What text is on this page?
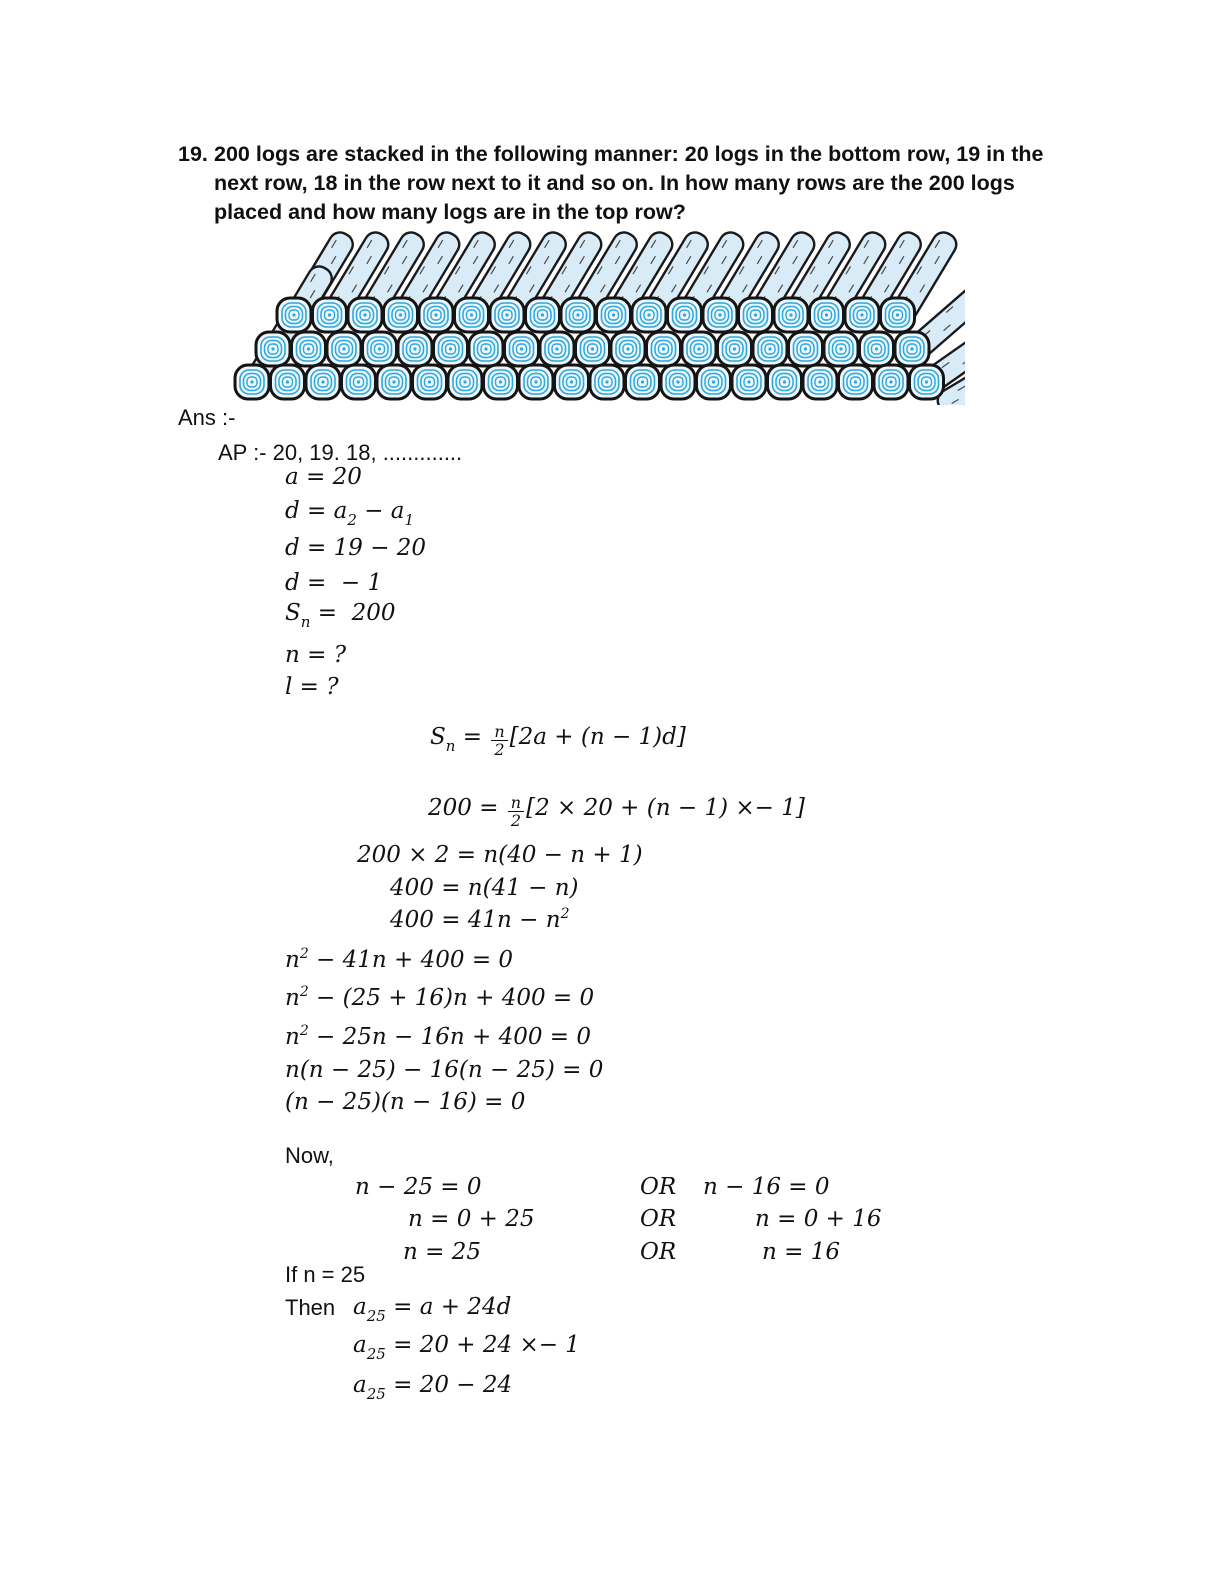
19. 200 logs are stacked in the following manner: 20 logs in the bottom row, 19 in the next row, 18 in the row next to it and so on. In how many rows are the 200 logs placed and how many logs are in the top row?
Ans :-
AP :- 20, 19. 18, .............
a = 20
$d = a_2 - a_1$
d = 19 − 20
d =  − 1
$S_n = 200$
n = ?
l = ?
$S_n = \frac{n}{2} [2a + (n - 1)d]$
$200 = \frac{n}{2} [2 \times 20 + (n - 1) \times- 1]$
200 × 2 = n(40 − n + 1)
400 = n(41 − n)
$400 = 41n - n^2$
$n^2 - 41n + 400 = 0$
$n^2 - (25 + 16)n + 400 = 0$
$n^2 - 25n - 16n + 400 = 0$
n(n − 25) − 16(n − 25) = 0
(n − 25)(n − 16) = 0
Now,
n − 25 = 0	OR n − 16 = 0
n = 0 + 25	OR	n = 0 + 16
n = 25	OR	n = 16
If n = 25
Then $a_{25} = a + 24d$
$a_{25} = 20 + 24 \times- 1$
$a_{25} = 20 - 24$
